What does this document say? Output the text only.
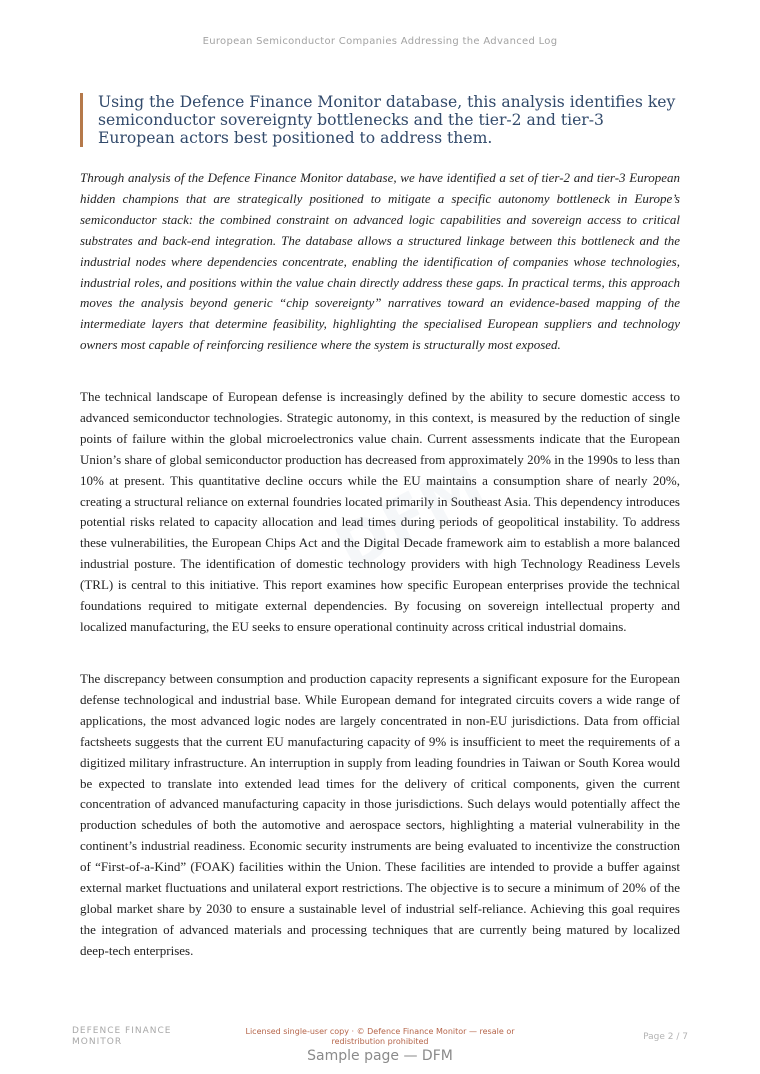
European Semiconductor Companies Addressing the Advanced Log
Using the Defence Finance Monitor database, this analysis identifies key semiconductor sovereignty bottlenecks and the tier-2 and tier-3 European actors best positioned to address them.

Through analysis of the Defence Finance Monitor database, we have identified a set of tier-2 and tier-3 European hidden champions that are strategically positioned to mitigate a specific autonomy bottleneck in Europe’s semiconductor stack: the combined constraint on advanced logic capabilities and sovereign access to critical substrates and back-end integration. The database allows a structured linkage between this bottleneck and the industrial nodes where dependencies concentrate, enabling the identification of companies whose technologies, industrial roles, and positions within the value chain directly address these gaps. In practical terms, this approach moves the analysis beyond generic “chip sovereignty” narratives toward an evidence-based mapping of the intermediate layers that determine feasibility, highlighting the specialised European suppliers and technology owners most capable of reinforcing resilience where the system is structurally most exposed.

The technical landscape of European defense is increasingly defined by the ability to secure domestic access to advanced semiconductor technologies. Strategic autonomy, in this context, is measured by the reduction of single points of failure within the global microelectronics value chain. Current assessments indicate that the European Union’s share of global semiconductor production has decreased from approximately 20% in the 1990s to less than 10% at present. This quantitative decline occurs while the EU maintains a consumption share of nearly 20%, creating a structural reliance on external foundries located primarily in Southeast Asia. This dependency introduces potential risks related to capacity allocation and lead times during periods of geopolitical instability. To address these vulnerabilities, the European Chips Act and the Digital Decade framework aim to establish a more balanced industrial posture. The identification of domestic technology providers with high Technology Readiness Levels (TRL) is central to this initiative. This report examines how specific European enterprises provide the technical foundations required to mitigate external dependencies. By focusing on sovereign intellectual property and localized manufacturing, the EU seeks to ensure operational continuity across critical industrial domains.

The discrepancy between consumption and production capacity represents a significant exposure for the European defense technological and industrial base. While European demand for integrated circuits covers a wide range of applications, the most advanced logic nodes are largely concentrated in non-EU jurisdictions. Data from official factsheets suggests that the current EU manufacturing capacity of 9% is insufficient to meet the requirements of a digitized military infrastructure. An interruption in supply from leading foundries in Taiwan or South Korea would be expected to translate into extended lead times for the delivery of critical components, given the current concentration of advanced manufacturing capacity in those jurisdictions. Such delays would potentially affect the production schedules of both the automotive and aerospace sectors, highlighting a material vulnerability in the continent’s industrial readiness. Economic security instruments are being evaluated to incentivize the construction of “First-of-a-Kind” (FOAK) facilities within the Union. These facilities are intended to provide a buffer against external market fluctuations and unilateral export restrictions. The objective is to secure a minimum of 20% of the global market share by 2030 to ensure a sustainable level of industrial self-reliance. Achieving this goal requires the integration of advanced materials and processing techniques that are currently being matured by localized deep-tech enterprises.

DEFENCE FINANCE MONITOR
Licensed single-user copy · © Defence Finance Monitor — resale or redistribution prohibited	Page 2 / 7
Sample page — DFM
